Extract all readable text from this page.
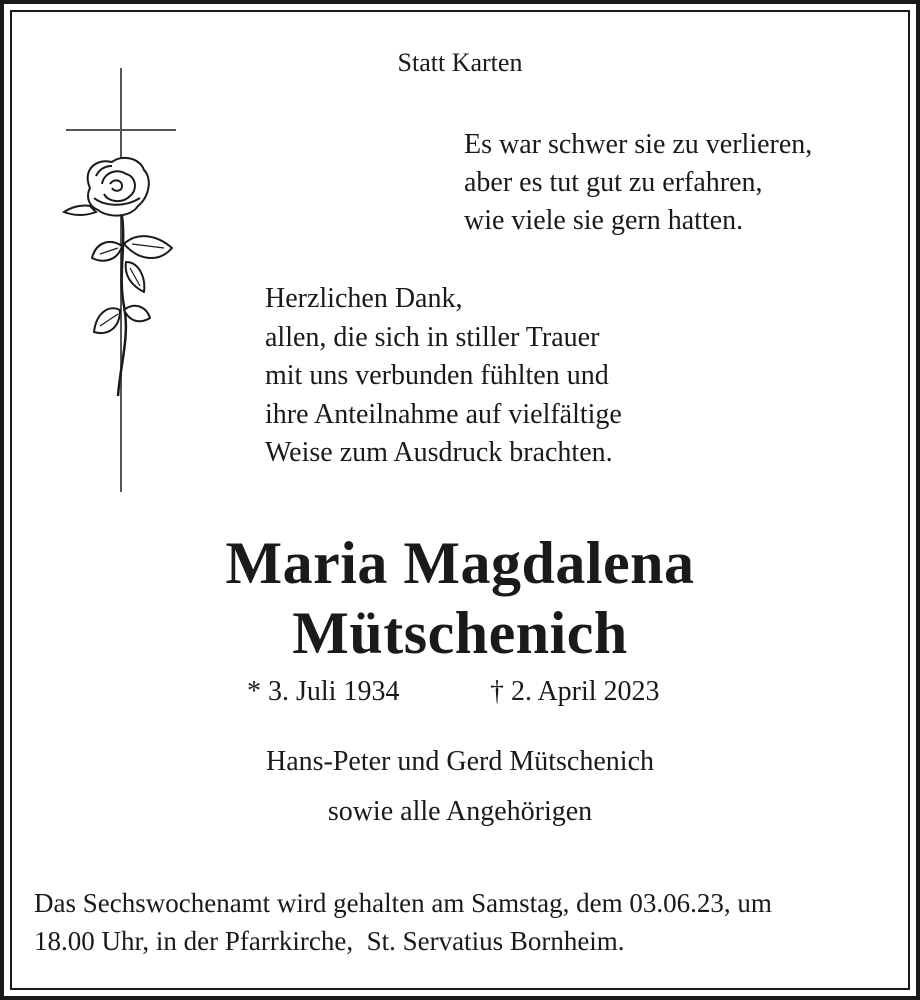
Statt Karten
Es war schwer sie zu verlieren,
aber es tut gut zu erfahren,
wie viele sie gern hatten.
Herzlichen Dank,
allen, die sich in stiller Trauer
mit uns verbunden fühlten und
ihre Anteilnahme auf vielfältige
Weise zum Ausdruck brachten.
Maria Magdalena
Mütschenich
* 3. Juli 1934	† 2. April 2023
Hans-Peter und Gerd Mütschenich
sowie alle Angehörigen
Das Sechswochenamt wird gehalten am Samstag, dem 03.06.23, um
18.00 Uhr, in der Pfarrkirche,  St. Servatius Bornheim.
